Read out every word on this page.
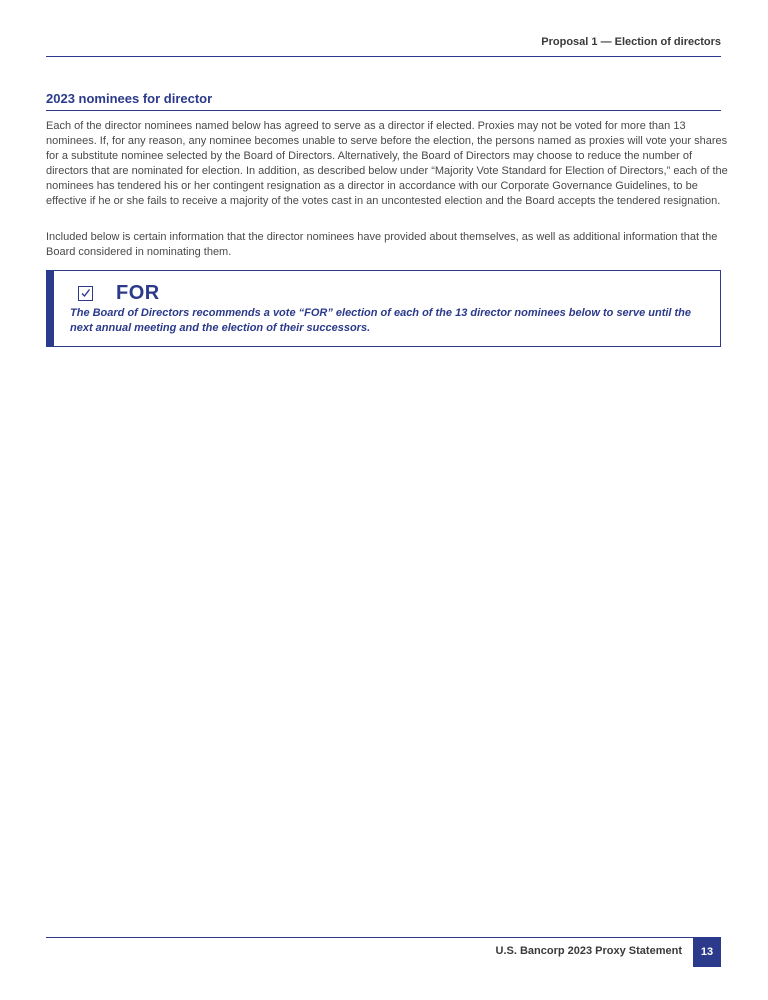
Proposal 1 — Election of directors
2023 nominees for director

Each of the director nominees named below has agreed to serve as a director if elected. Proxies may not be voted for more than 13 nominees. If, for any reason, any nominee becomes unable to serve before the election, the persons named as proxies will vote your shares for a substitute nominee selected by the Board of Directors. Alternatively, the Board of Directors may choose to reduce the number of directors that are nominated for election. In addition, as described below under “Majority Vote Standard for Election of Directors,” each of the nominees has tendered his or her contingent resignation as a director in accordance with our Corporate Governance Guidelines, to be effective if he or she fails to receive a majority of the votes cast in an uncontested election and the Board accepts the tendered resignation.

Included below is certain information that the director nominees have provided about themselves, as well as additional information that the Board considered in nominating them.

FOR

The Board of Directors recommends a vote “FOR” election of each of the 13 director nominees below to serve until the next annual meeting and the election of their successors.

U.S. Bancorp 2023 Proxy Statement	13
